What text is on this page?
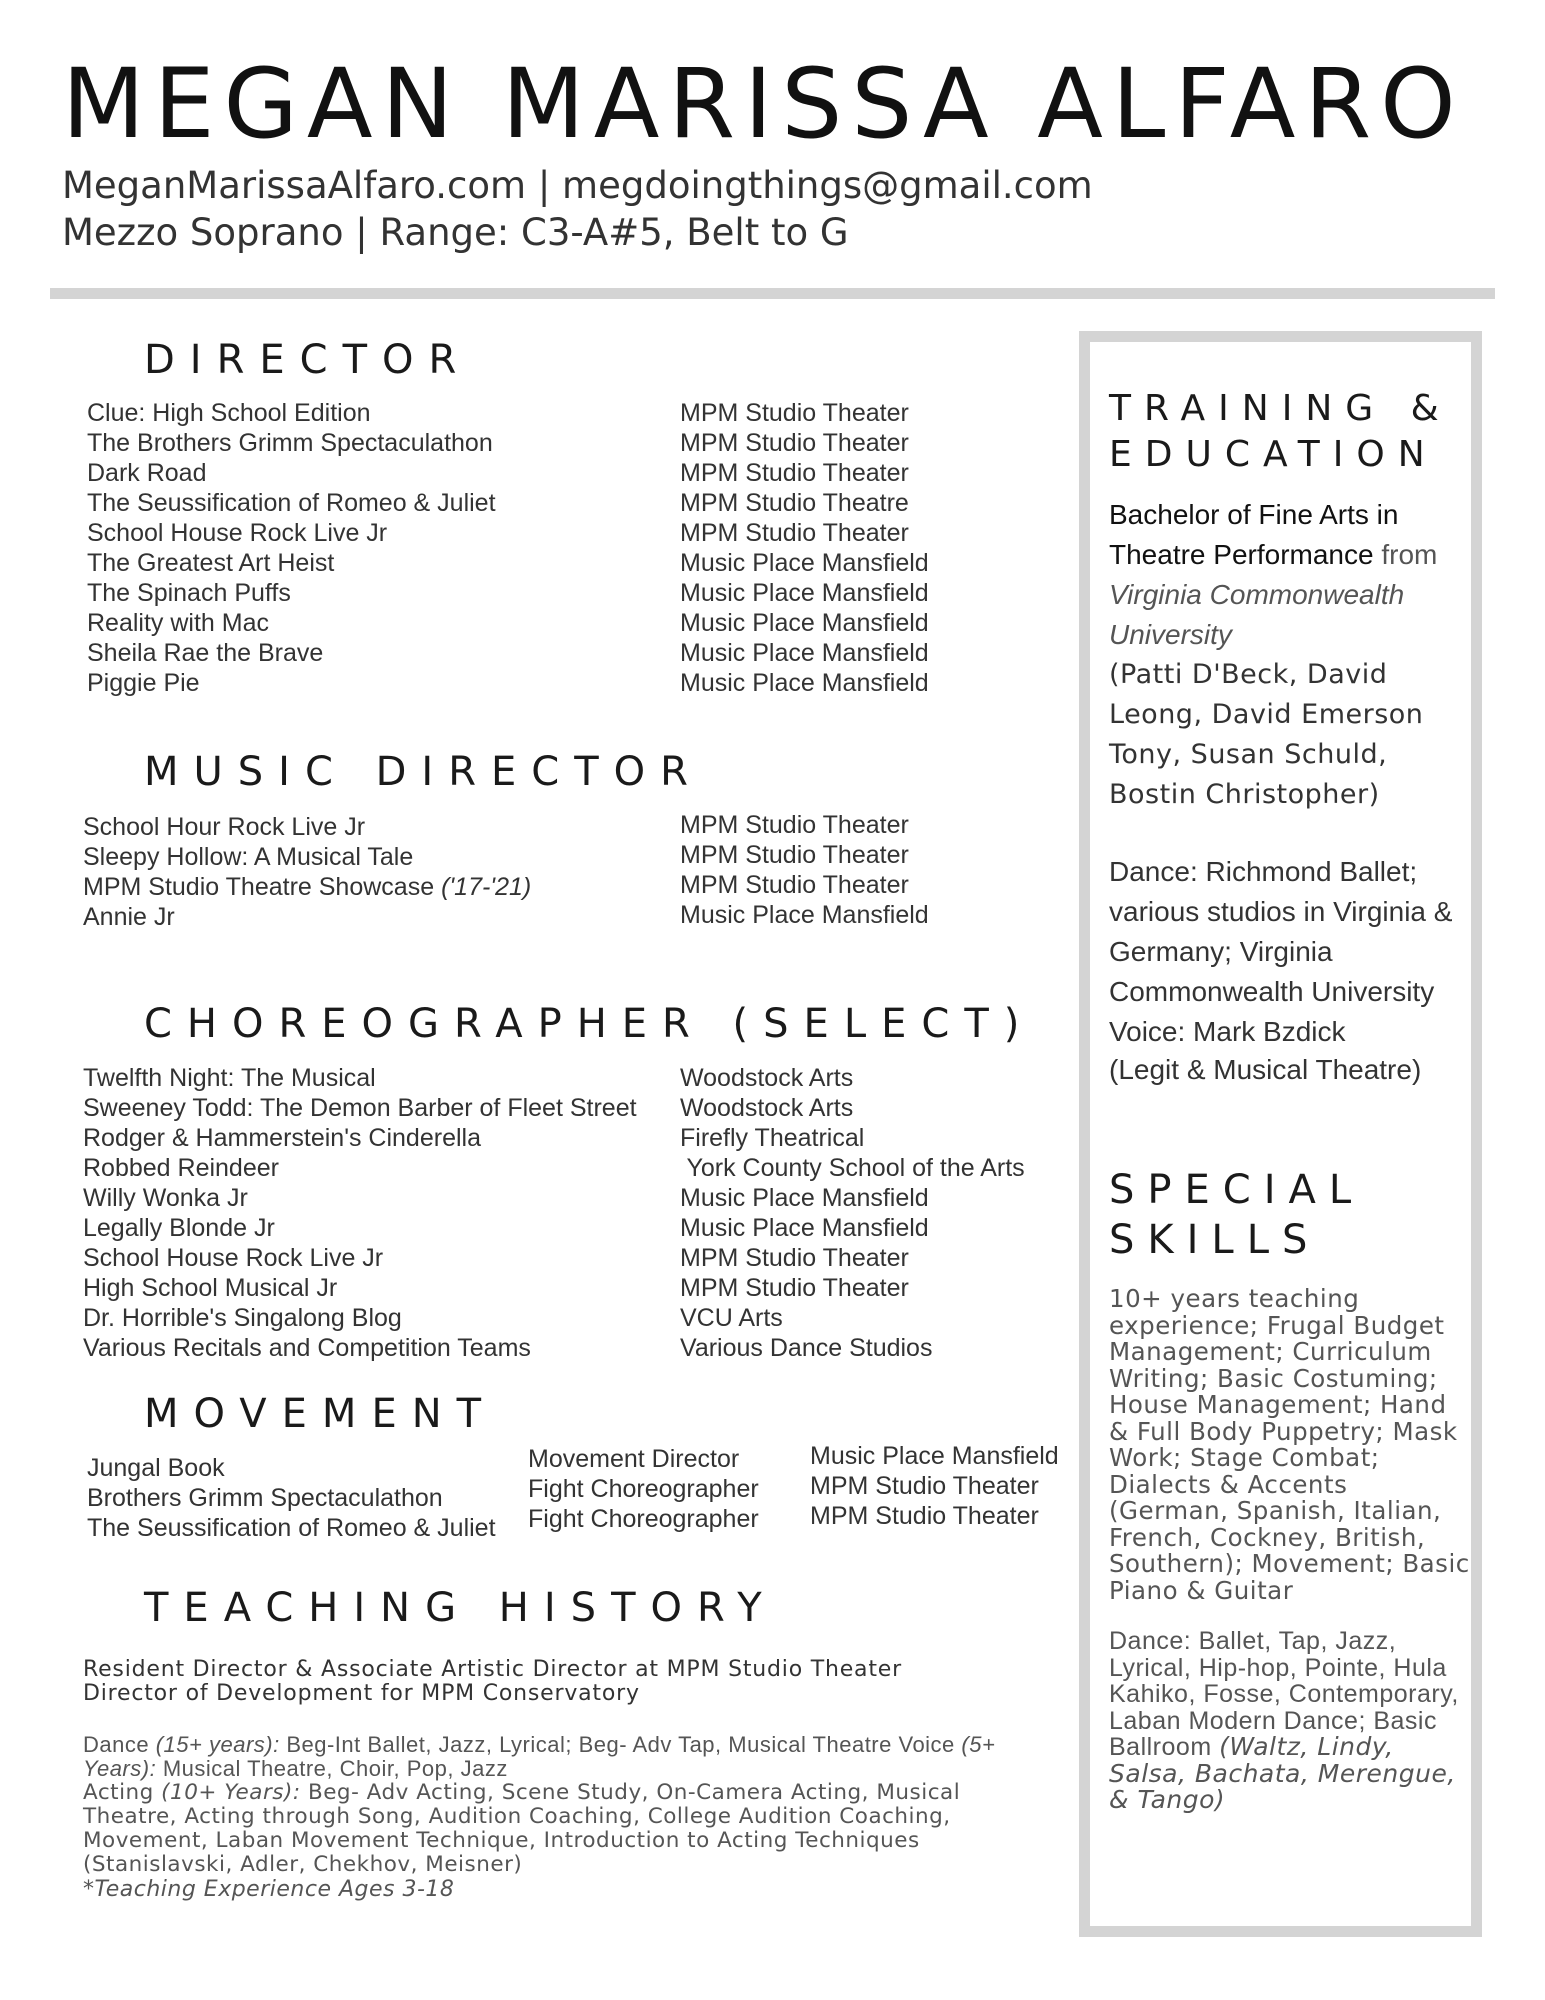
MEGAN MARISSA ALFARO
MeganMarissaAlfaro.com | megdoingthings@gmail.com
Mezzo Soprano | Range: C3-A#5, Belt to G
DIRECTOR
Clue: High School Edition
The Brothers Grimm Spectaculathon
Dark Road
The Seussification of Romeo & Juliet
School House Rock Live Jr
The Greatest Art Heist
The Spinach Puffs
Reality with Mac
Sheila Rae the Brave
Piggie Pie
MPM Studio Theater
MPM Studio Theater
MPM Studio Theater
MPM Studio Theatre
MPM Studio Theater
Music Place Mansfield
Music Place Mansfield
Music Place Mansfield
Music Place Mansfield
Music Place Mansfield
MUSIC DIRECTOR
School Hour Rock Live Jr
Sleepy Hollow: A Musical Tale
MPM Studio Theatre Showcase ('17-'21)
Annie Jr
MPM Studio Theater
MPM Studio Theater
MPM Studio Theater
Music Place Mansfield
CHOREOGRAPHER (SELECT)
Twelfth Night: The Musical
Sweeney Todd: The Demon Barber of Fleet Street
Rodger & Hammerstein's Cinderella
Robbed Reindeer
Willy Wonka Jr
Legally Blonde Jr
School House Rock Live Jr
High School Musical Jr
Dr. Horrible's Singalong Blog
Various Recitals and Competition Teams
Woodstock Arts
Woodstock Arts
Firefly Theatrical
York County School of the Arts
Music Place Mansfield
Music Place Mansfield
MPM Studio Theater
MPM Studio Theater
VCU Arts
Various Dance Studios
MOVEMENT
Jungal Book
Brothers Grimm Spectaculathon
The Seussification of Romeo & Juliet
Movement Director
Fight Choreographer
Fight Choreographer
Music Place Mansfield
MPM Studio Theater
MPM Studio Theater
TEACHING HISTORY
Resident Director & Associate Artistic Director at MPM Studio Theater
Director of Development for MPM Conservatory

Dance (15+ years): Beg-Int Ballet, Jazz, Lyrical; Beg- Adv Tap, Musical Theatre Voice (5+ Years): Musical Theatre, Choir, Pop, Jazz

Acting (10+ Years): Beg- Adv Acting, Scene Study, On-Camera Acting, Musical Theatre, Acting through Song, Audition Coaching, College Audition Coaching, Movement, Laban Movement Technique, Introduction to Acting Techniques (Stanislavski, Adler, Chekhov, Meisner)

*Teaching Experience Ages 3-18

TRAINING &
EDUCATION

Bachelor of Fine Arts in Theatre Performance from Virginia Commonwealth University

(Patti D'Beck, David Leong, David Emerson Tony, Susan Schuld, Bostin Christopher)

Dance: Richmond Ballet; various studios in Virginia & Germany; Virginia Commonwealth University

Voice: Mark Bzdick

(Legit & Musical Theatre)

SPECIAL
SKILLS

10+ years teaching experience; Frugal Budget Management; Curriculum Writing; Basic Costuming; House Management; Hand & Full Body Puppetry; Mask Work; Stage Combat; Dialects & Accents (German, Spanish, Italian, French, Cockney, British, Southern); Movement; Basic Piano & Guitar

Dance: Ballet, Tap, Jazz, Lyrical, Hip-hop, Pointe, Hula Kahiko, Fosse, Contemporary, Laban Modern Dance; Basic Ballroom (Waltz, Lindy, Salsa, Bachata, Merengue, & Tango)
